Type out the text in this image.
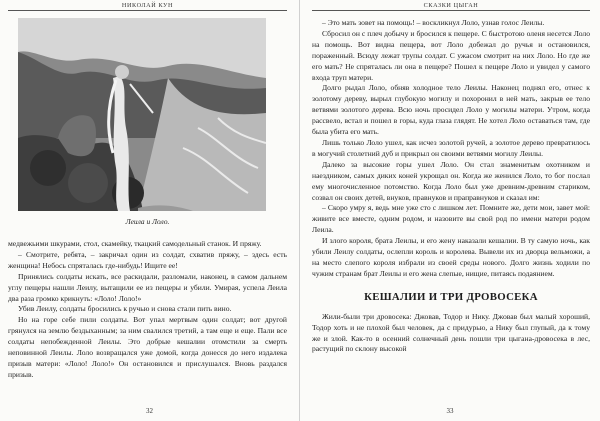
НИКОЛАЙ КУН
Леила и Лоло.

медвежьими шкурами, стол, скамейку, ткацкий самодельный станок. И пряжу.

– Смотрите, ребята, – закричал один из солдат, схватив пряжу, – здесь есть женщина! Небось спряталась где-нибудь! Ищите ее!

Принялись солдаты искать, все раскидали, разломали, наконец, в самом дальнем углу пещеры нашли Леилу, вытащили ее из пещеры и убили. Умирая, успела Леила два раза громко крикнуть: «Лоло! Лоло!»

Убив Леилу, солдаты бросились к ручью и снова стали пить вино.

Но на горе себе пили солдаты. Вот упал мертвым один солдат; вот другой грянулся на землю бездыханным; за ним свалился третий, а там еще и еще. Пали все солдаты непобежденной Леилы. Это добрые кешалии отомстили за смерть неповинной Леилы. Лоло возвращался уже домой, когда донесся до него издалека призыв матери: «Лоло! Лоло!» Он остановился и прислушался. Вновь раздался призыв.

32
СКАЗКИ ЦЫГАН

– Это мать зовет на помощь! – воскликнул Лоло, узнав голос Леилы.

Сбросил он с плеч добычу и бросился к пещере. С быстротою оленя несется Лоло на помощь. Вот видна пещера, вот Лоло добежал до ручья и остановился, пораженный. Всюду лежат трупы солдат. С ужасом смотрит на них Лоло. Но где же его мать? Не спряталась ли она в пещере? Пошел к пещере Лоло и увидел у самого входа труп матери.

Долго рыдал Лоло, обняв холодное тело Леилы. Наконец поднял его, отнес к золотому дереву, вырыл глубокую могилу и похоронил в ней мать, закрыв ее тело ветвями золотого дерева. Всю ночь просидел Лоло у могилы матери. Утром, когда рассвело, встал и пошел в горы, куда глаза глядят. Не хотел Лоло оставаться там, где была убита его мать.

Лишь только Лоло ушел, как исчез золотой ручей, а золотое дерево превратилось в могучий столетний дуб и прикрыл он своими ветвями могилу Леилы.

Далеко за высокие горы ушел Лоло. Он стал знаменитым охотником и наездником, самых диких коней укрощал он. Когда же женился Лоло, то бог послал ему многочисленное потомство. Когда Лоло был уже древним-древним стариком, созвал он своих детей, внуков, правнуков и праправнуков и сказал им:

– Скоро умру я, ведь мне уже сто с лишком лет. Помните же, дети мои, завет мой: живите все вместе, одним родом, и назовите вы свой род по имени матери родом Леила.

И злого короля, брата Леилы, и его жену наказали кешалии. В ту самую ночь, как убили Леилу солдаты, ослепли король и королева. Вывели их из дворца вельможи, а на место слепого короля избрали из своей среды нового. Долго жизнь ходили по чужим странам брат Леилы и его жена слепые, нищие, питаясь подаянием.

КЕШАЛИИ И ТРИ ДРОВОСЕКА

Жили-были три дровосека: Джовав, Тодор и Нику. Джовав был малый хороший, Тодор хоть и не плохой был человек, да с придурью, а Нику был глупый, да к тому же и злой. Как-то в осенний солнечный день пошли три цыгана-дровосека в лес, растущий по склону высокой

33
